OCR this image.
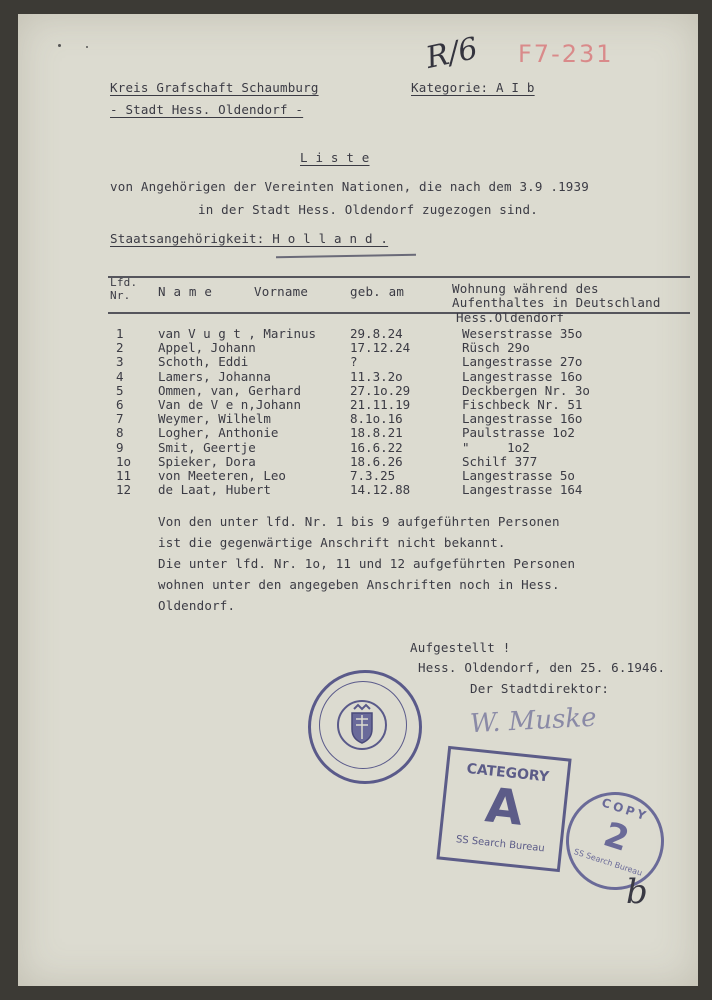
Kreis Grafschaft Schaumburg
- Stadt Hess. Oldendorf -
Kategorie: A I b
R/6 F7-231
L i s t e
von Angehörigen der Vereinten Nationen, die nach dem 3.9 .1939
in der Stadt Hess. Oldendorf zugezogen sind.
Staatsangehörigkeit: H o l l a n d .
Lfd.
Nr.	N a m e	Vorname	geb. am	Wohnung während des
Aufenthaltes in Deutschland
Hess.Oldendorf
1	van V u g t , Marinus	29.8.24	Weserstrasse 35o
2	Appel, Johann	17.12.24	Rüsch 29o
3	Schoth, Eddi	?	Langestrasse 27o
4	Lamers, Johanna	11.3.2o	Langestrasse 16o
5	Ommen, van, Gerhard	27.1o.29	Deckbergen Nr. 3o
6	Van de V e n,Johann	21.11.19	Fischbeck Nr. 51
7	Weymer, Wilhelm	8.1o.16	Langestrasse 16o
8	Logher, Anthonie	18.8.21	Paulstrasse 1o2
9	Smit, Geertje	16.6.22	"     1o2
1o Spieker, Dora	18.6.26	Schilf 377
11 von Meeteren, Leo	7.3.25	Langestrasse 5o
12 de Laat, Hubert	14.12.88	Langestrasse 164
Von den unter lfd. Nr. 1 bis 9 aufgeführten Personen
ist die gegenwärtige Anschrift nicht bekannt.
Die unter lfd. Nr. 1o, 11 und 12 aufgeführten Personen
wohnen unter den angegeben Anschriften noch in Hess.
Oldendorf.
Aufgestellt !
Hess. Oldendorf, den 25. 6.1946.
Der Stadtdirektor:
W. Muske
CATEGORY
A
SS Search Bureau
COPY
2
SS Search Bureau
b
